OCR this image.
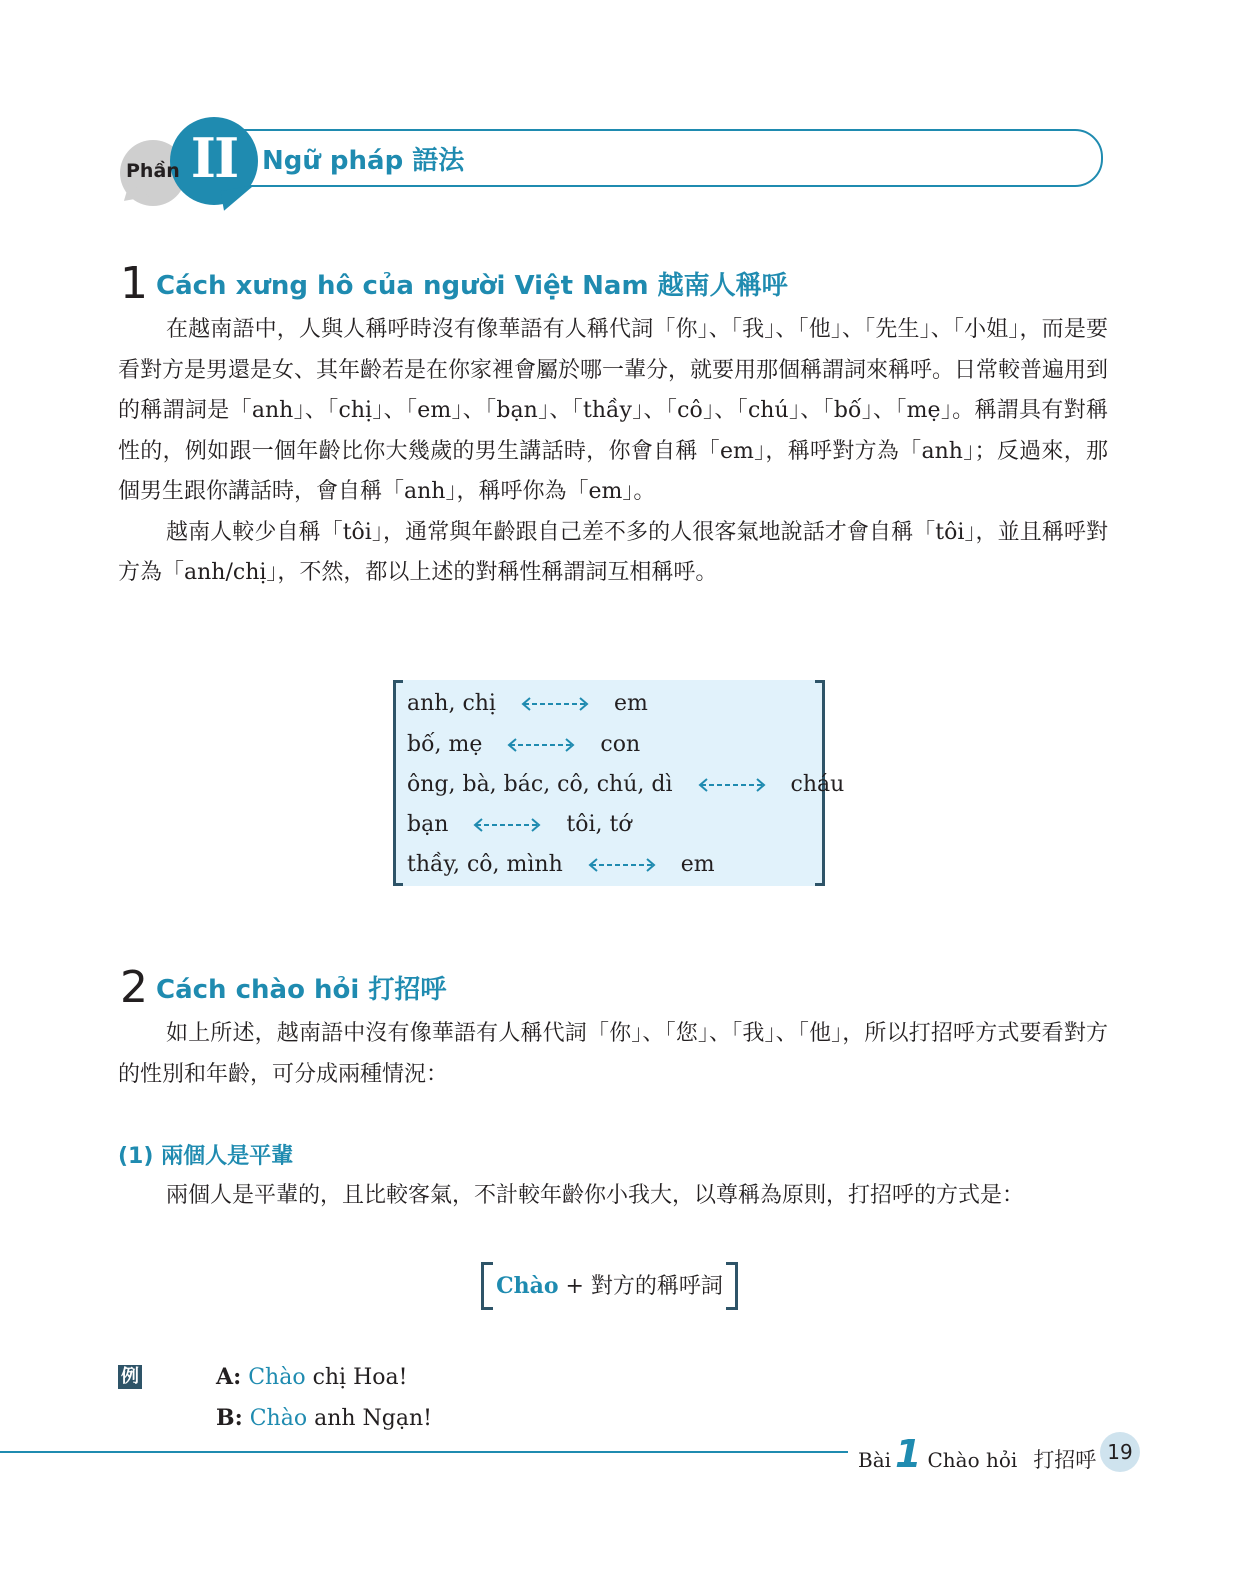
Phần II Ngữ pháp 語法
1 Cách xưng hô của người Việt Nam 越南人稱呼

在越南語中，人與人稱呼時沒有像華語有人稱代詞「你」、「我」、「他」、「先生」、「小姐」，而是要看對方是男還是女、其年齡若是在你家裡會屬於哪一輩分，就要用那個稱謂詞來稱呼。日常較普遍用到的稱謂詞是「anh」、「chị」、「em」、「bạn」、「thầy」、「cô」、「chú」、「bố」、「mẹ」。稱謂具有對稱性的，例如跟一個年齡比你大幾歲的男生講話時，你會自稱「em」，稱呼對方為「anh」；反過來，那個男生跟你講話時，會自稱「anh」，稱呼你為「em」。

越南人較少自稱「tôi」，通常與年齡跟自己差不多的人很客氣地說話才會自稱「tôi」，並且稱呼對方為「anh/chị」，不然，都以上述的對稱性稱謂詞互相稱呼。

anh, chị	em
bố, mẹ	con
ông, bà, bác, cô, chú, dì	cháu
bạn	tôi, tớ
thầy, cô, mình	em
2 Cách chào hỏi 打招呼

如上所述，越南語中沒有像華語有人稱代詞「你」、「您」、「我」、「他」，所以打招呼方式要看對方的性別和年齡，可分成兩種情況：

(1) 兩個人是平輩

兩個人是平輩的，且比較客氣，不計較年齡你小我大，以尊稱為原則，打招呼的方式是：

Chào + 對方的稱呼詞
例	A: Chào chị Hoa!
B: Chào anh Ngạn!
Bài 1 Chào hỏi 打招呼 19
